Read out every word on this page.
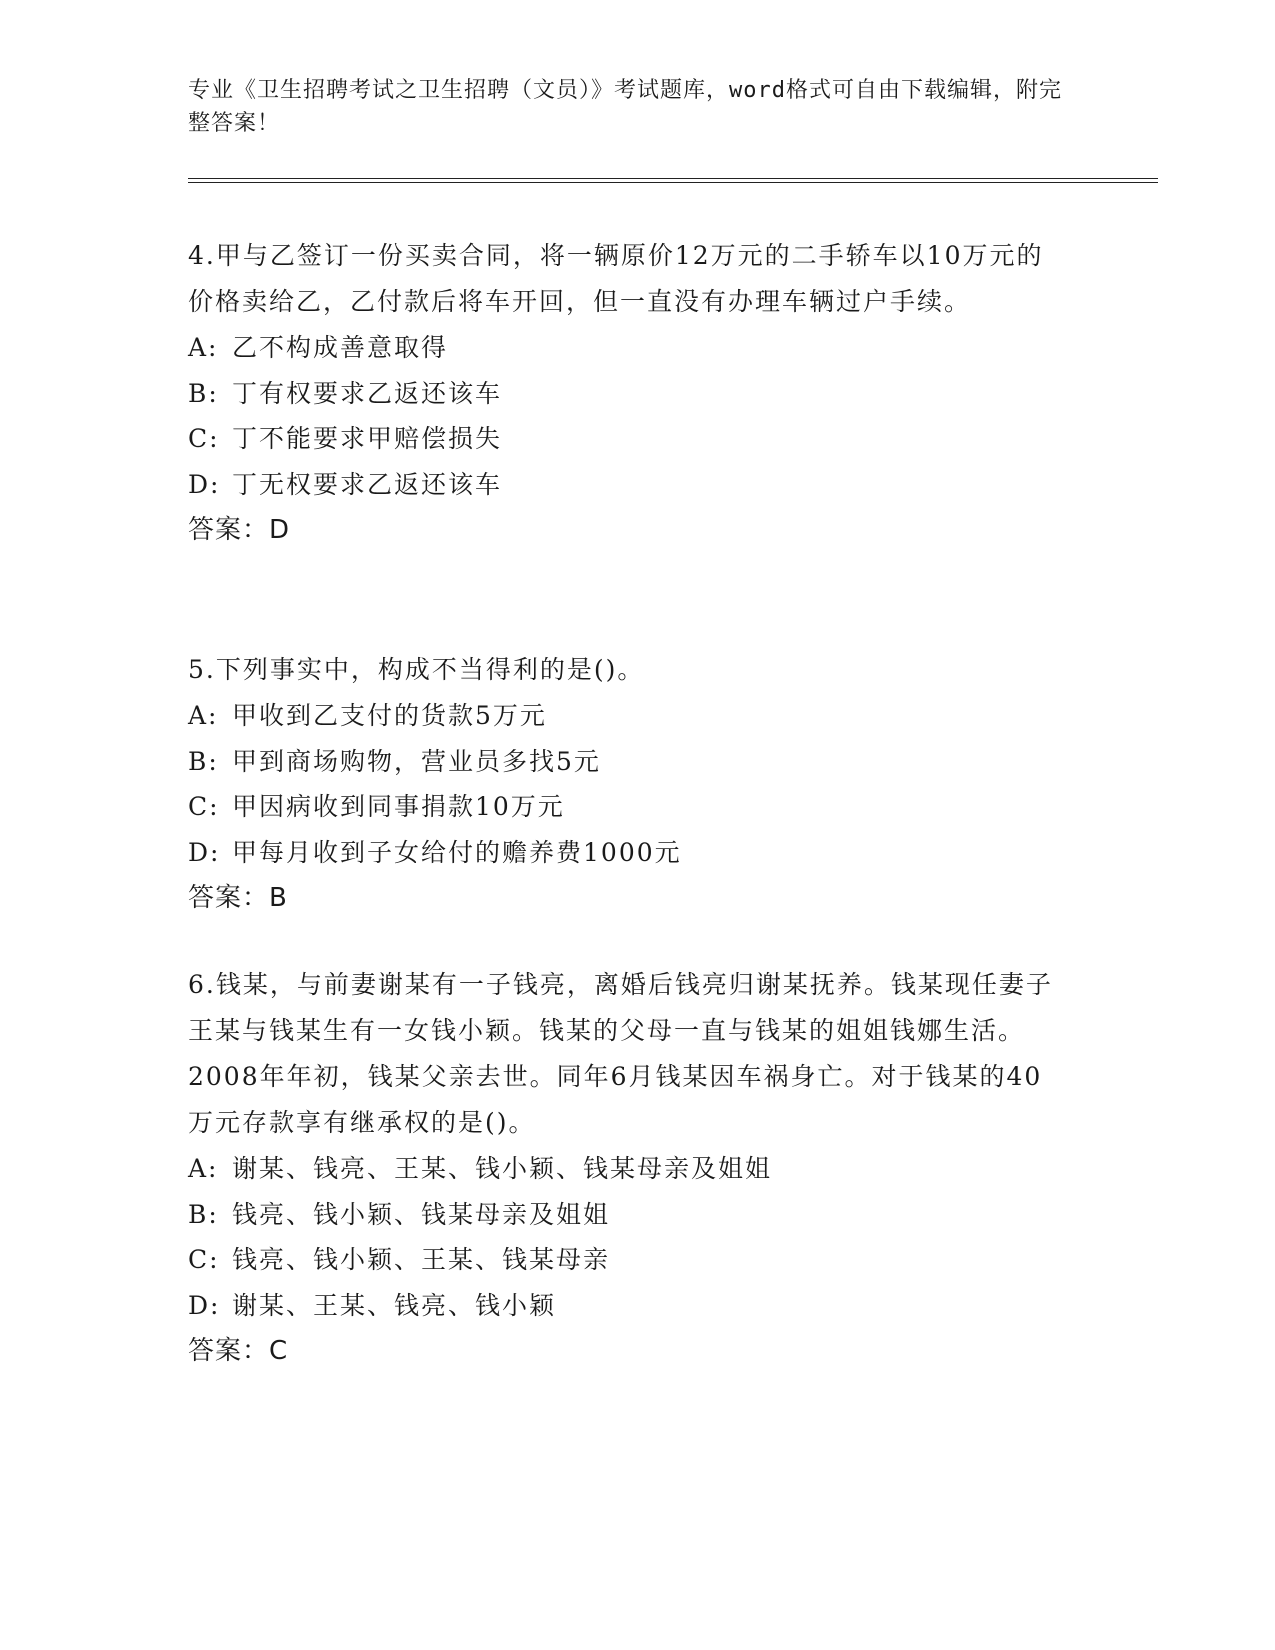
专业《卫生招聘考试之卫生招聘（文员）》考试题库，word格式可自由下载编辑，附完整答案！

4.甲与乙签订一份买卖合同，将一辆原价12万元的二手轿车以10万元的价格卖给乙，乙付款后将车开回，但一直没有办理车辆过户手续。

A: 乙不构成善意取得

B: 丁有权要求乙返还该车

C: 丁不能要求甲赔偿损失

D: 丁无权要求乙返还该车

答案：D

5.下列事实中，构成不当得利的是()。

A: 甲收到乙支付的货款5万元

B: 甲到商场购物，营业员多找5元

C: 甲因病收到同事捐款10万元

D: 甲每月收到子女给付的赡养费1000元

答案：B

6.钱某，与前妻谢某有一子钱亮，离婚后钱亮归谢某抚养。钱某现任妻子王某与钱某生有一女钱小颖。钱某的父母一直与钱某的姐姐钱娜生活。2008年年初，钱某父亲去世。同年6月钱某因车祸身亡。对于钱某的40万元存款享有继承权的是()。

A: 谢某、钱亮、王某、钱小颖、钱某母亲及姐姐

B: 钱亮、钱小颖、钱某母亲及姐姐

C: 钱亮、钱小颖、王某、钱某母亲

D: 谢某、王某、钱亮、钱小颖

答案：C
